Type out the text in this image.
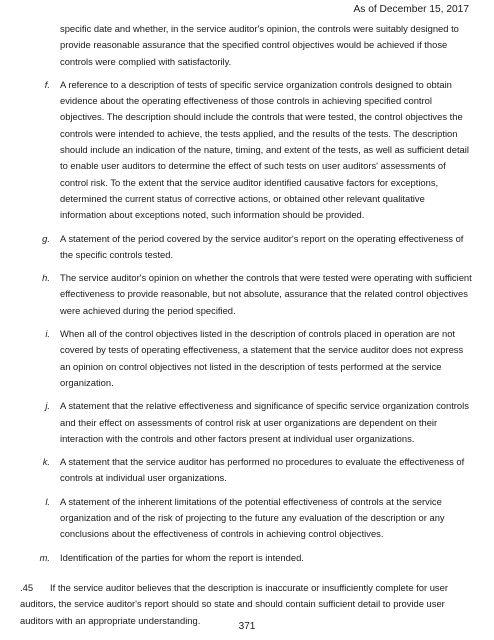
As of December 15, 2017
specific date and whether, in the service auditor's opinion, the controls were suitably designed to provide reasonable assurance that the specified control objectives would be achieved if those controls were complied with satisfactorily.
f. A reference to a description of tests of specific service organization controls designed to obtain evidence about the operating effectiveness of those controls in achieving specified control objectives. The description should include the controls that were tested, the control objectives the controls were intended to achieve, the tests applied, and the results of the tests. The description should include an indication of the nature, timing, and extent of the tests, as well as sufficient detail to enable user auditors to determine the effect of such tests on user auditors' assessments of control risk. To the extent that the service auditor identified causative factors for exceptions, determined the current status of corrective actions, or obtained other relevant qualitative information about exceptions noted, such information should be provided.
g. A statement of the period covered by the service auditor's report on the operating effectiveness of the specific controls tested.
h. The service auditor's opinion on whether the controls that were tested were operating with sufficient effectiveness to provide reasonable, but not absolute, assurance that the related control objectives were achieved during the period specified.
i. When all of the control objectives listed in the description of controls placed in operation are not covered by tests of operating effectiveness, a statement that the service auditor does not express an opinion on control objectives not listed in the description of tests performed at the service organization.
j. A statement that the relative effectiveness and significance of specific service organization controls and their effect on assessments of control risk at user organizations are dependent on their interaction with the controls and other factors present at individual user organizations.
k. A statement that the service auditor has performed no procedures to evaluate the effectiveness of controls at individual user organizations.
l. A statement of the inherent limitations of the potential effectiveness of controls at the service organization and of the risk of projecting to the future any evaluation of the description or any conclusions about the effectiveness of controls in achieving control objectives.
m. Identification of the parties for whom the report is intended.
.45 If the service auditor believes that the description is inaccurate or insufficiently complete for user auditors, the service auditor's report should so state and should contain sufficient detail to provide user auditors with an appropriate understanding.
371
